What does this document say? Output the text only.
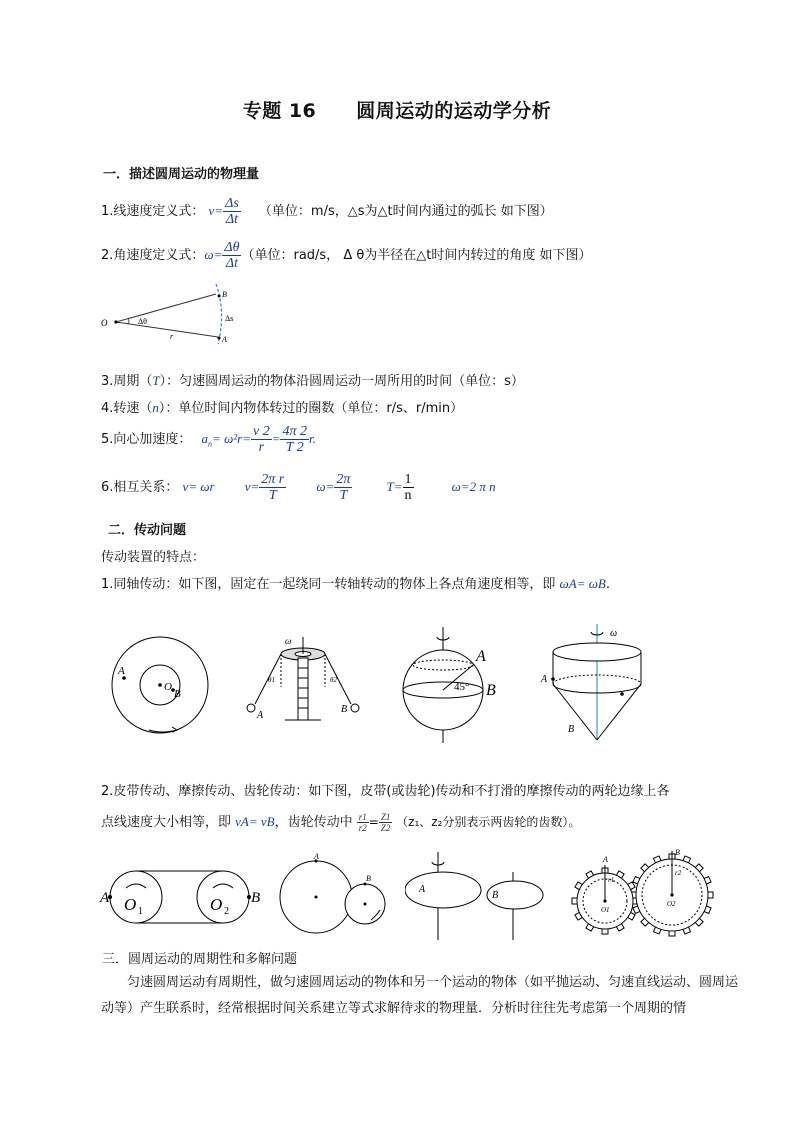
专题 16 圆周运动的运动学分析
一．描述圆周运动的物理量
1.线速度定义式： $v= \frac{\Delta s}{\Delta t}$ （单位：m/s，△s为△t时间内通过的弧长 如下图）
2.角速度定义式：$\omega= \frac{\Delta\theta}{\Delta t}$ （单位：rad/s， Δ θ为半径在△t时间内转过的角度 如下图）
O
B
A
Δθ	Δs
r
3.周期（T）：匀速圆周运动的物体沿圆周运动一周所用的时间（单位：s）
4.转速（n）：单位时间内物体转过的圈数（单位：r/s、r/min）
5.向心加速度： $a_n= \omega^2r= \frac{v 2}{r} = \frac{4\pi 2}{T 2} r$.
6.相互关系： v= ωr $v= \frac{\text{2π r}}{T} \omega= \frac{2\pi}{T}$	$T= \frac{1}{n}$	ω=2 π n
二．传动问题
传动装置的特点：
1.同轴传动：如下图，固定在一起绕同一转轴转动的物体上各点角速度相等，即 ωA= ωB.
A
O
B
ω
θ1	θ2
A
B
A
B
45°
ω
A
B
2.皮带传动、摩擦传动、齿轮传动：如下图，皮带(或齿轮)传动和不打滑的摩擦传动的两轮边缘上各
点线速度大小相等，即 vA= vB，齿轮传动中 $\frac{r1}{r2} = \frac{Z1}{Z2} (z_1$、z₂分别表示两齿轮的齿数）。
A	B
O 1	O 2
A
B
A
B
A
B
r1
r2
O1
O2
三．圆周运动的周期性和多解问题
匀速圆周运动有周期性，做匀速圆周运动的物体和另一个运动的物体（如平抛运动、匀速直线运动、圆周运动等）产生联系时，经常根据时间关系建立等式求解待求的物理量．分析时往往先考虑第一个周期的情
